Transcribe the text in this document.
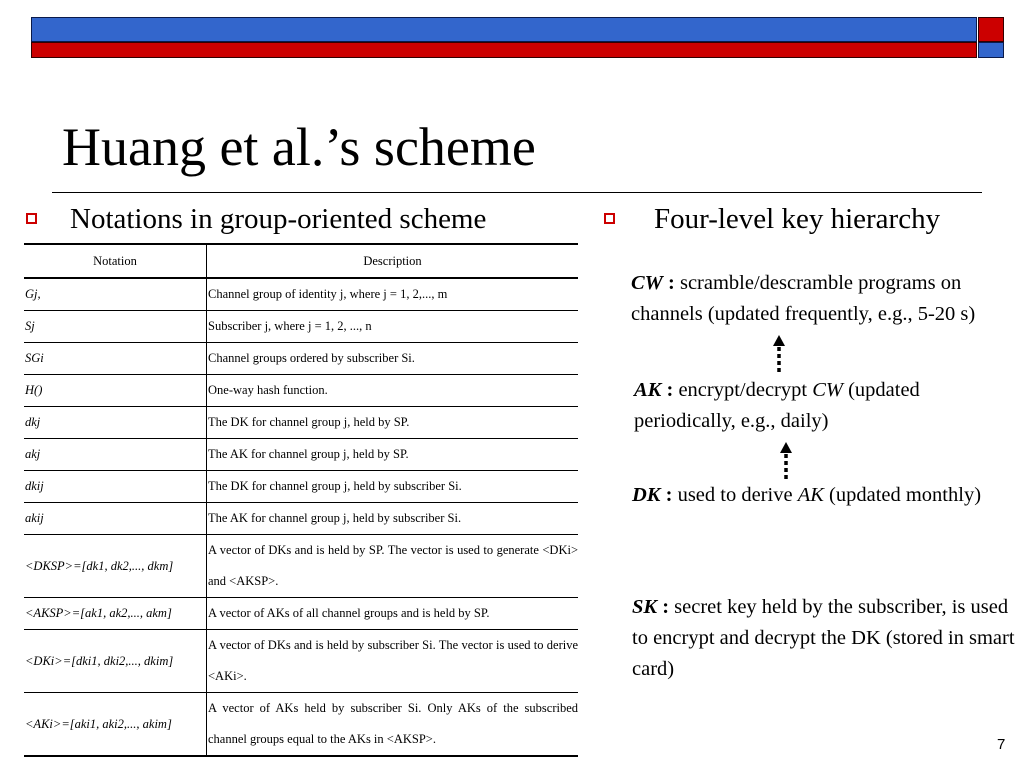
Huang et al.’s scheme
Notations in group-oriented scheme	Four-level key hierarchy
Notation	Description
Gj,	Channel group of identity j, where j = 1, 2,..., m
Sj	Subscriber j, where j = 1, 2, ..., n
SGi	Channel groups ordered by subscriber Si.
H()	One-way hash function.
dkj	The DK for channel group j, held by SP.
akj	The AK for channel group j, held by SP.
dkij	The DK for channel group j, held by subscriber Si.
akij	The AK for channel group j, held by subscriber Si.
<DKSP>=[dk1, dk2,..., dkm]	A vector of DKs and is held by SP. The vector is used to generate <DKi> and <AKSP>.
<AKSP>=[ak1, ak2,..., akm]	A vector of AKs of all channel groups and is held by SP.
<DKi>=[dki1, dki2,..., dkim]	A vector of DKs and is held by subscriber Si. The vector is used to derive <AKi>.
<AKi>=[aki1, aki2,..., akim]	A vector of AKs held by subscriber Si. Only AKs of the subscribed channel groups equal to the AKs in <AKSP>.
CW : scramble/descramble programs on channels (updated frequently, e.g., 5-20 s)
AK : encrypt/decrypt CW (updated periodically, e.g., daily)
DK : used to derive AK (updated monthly)
SK : secret key held by the subscriber, is used to encrypt and decrypt the DK (stored in smart card)
7
